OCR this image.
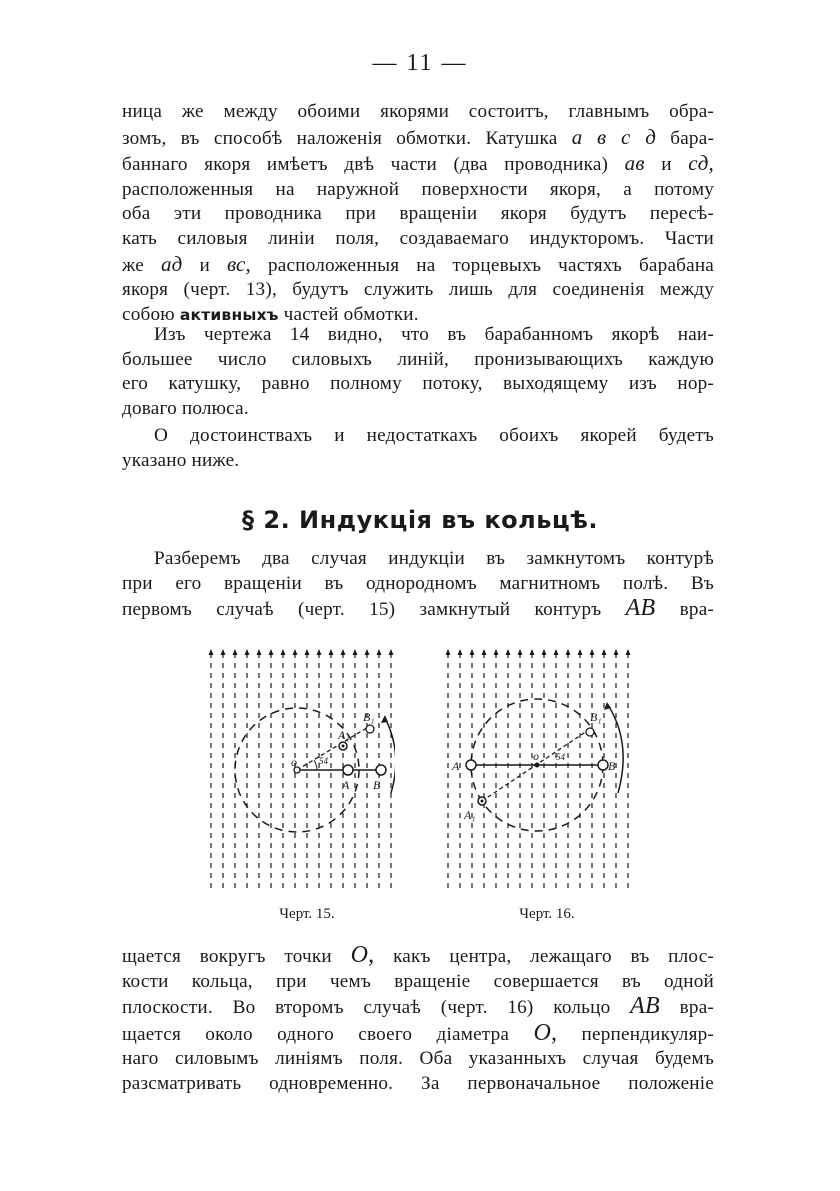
— 11 —

ница же между обоими якорями состоитъ, главнымъ обра-

зомъ, въ способѣ наложенія обмотки. Катушка а в с д бара-

баннаго якоря имѣетъ двѣ части (два проводника) ав и сд,

расположенныя на наружной поверхности якоря, а потому

оба эти проводника при вращеніи якоря будутъ пересѣ-

кать силовыя линіи поля, создаваемаго индукторомъ. Части

же ад и вс, расположенныя на торцевыхъ частяхъ барабана

якоря (черт. 13), будутъ служить лишь для соединенія между

собою активныхъ частей обмотки.

Изъ чертежа 14 видно, что въ барабанномъ якорѣ наи-

большее число силовыхъ линій, пронизывающихъ каждую

его катушку, равно полному потоку, выходящему изъ нор-

доваго полюса.

О достоинствахъ и недостаткахъ обоихъ якорей будетъ

указано ниже.

§ 2. Индукція въ кольцѣ.

Разберемъ два случая индукціи въ замкнутомъ контурѣ

при его вращеніи въ однородномъ магнитномъ полѣ. Въ

первомъ случаѣ (черт. 15) замкнутый контуръ AB вра-

o 54
A₁
B₁
A B
o 54
A	B
A₁
B₁
Черт. 15.	Черт. 16.

щается вокругъ точки O, какъ центра, лежащаго въ плос-

кости кольца, при чемъ вращеніе совершается въ одной

плоскости. Во второмъ случаѣ (черт. 16) кольцо AB вра-

щается около одного своего діаметра O, перпендикуляр-

наго силовымъ линіямъ поля. Оба указанныхъ случая будемъ

разсматривать одновременно. За первоначальное положеніе
